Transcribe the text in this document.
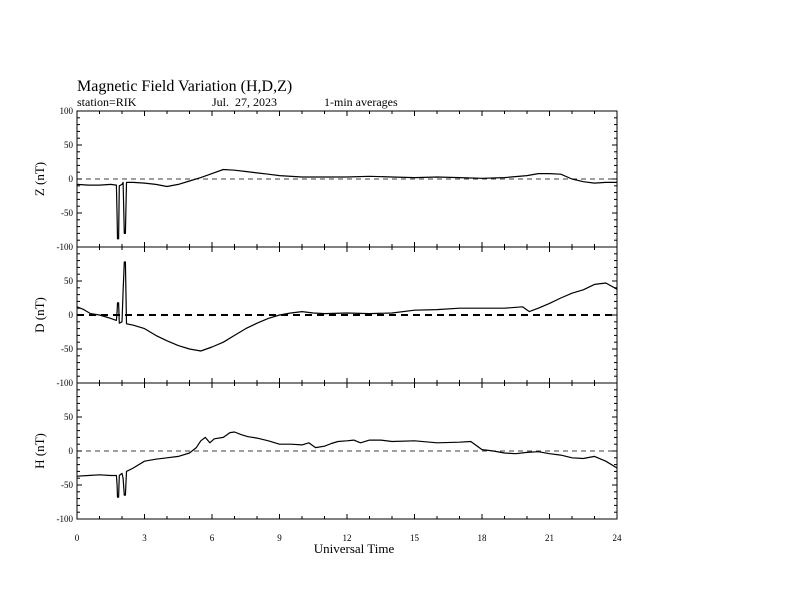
Magnetic Field Variation (H,D,Z)
station=RIK	Jul.  27, 2023	1-min averages
-100
-50
0
50
100
Z (nT)
-100
-50
0
50
D (nT)
-100
-50
0
50
H (nT)
0	3	6	9	12	15	18	21	24
Universal Time
